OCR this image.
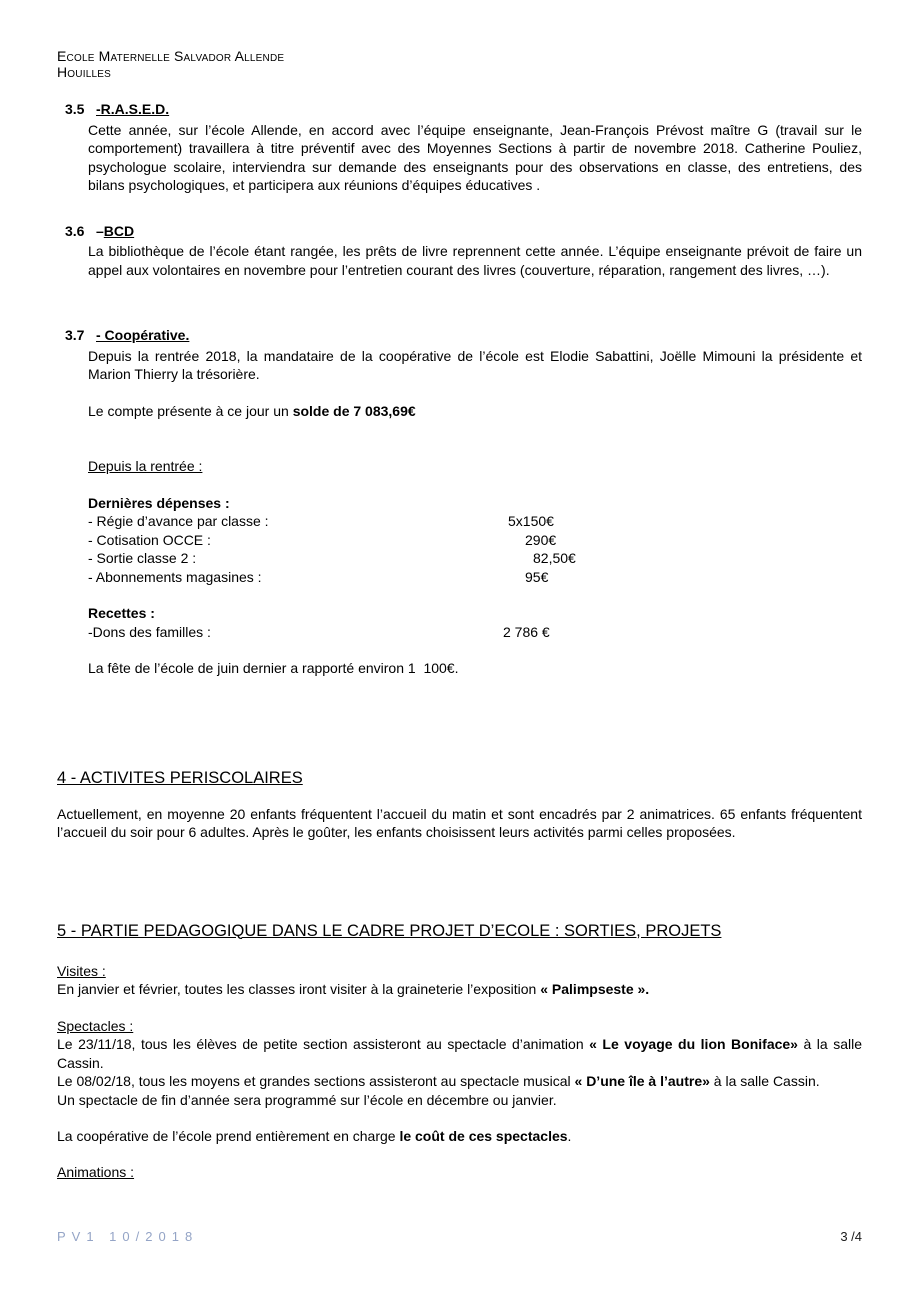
Ecole Maternelle Salvador Allende
Houilles
3.5 -R.A.S.E.D.

Cette année, sur l’école Allende, en accord avec l’équipe enseignante, Jean-François Prévost maître G (travail sur le comportement) travaillera à titre préventif avec des Moyennes Sections à partir de novembre 2018. Catherine Pouliez, psychologue scolaire, interviendra sur demande des enseignants pour des observations en classe, des entretiens, des bilans psychologiques, et participera aux réunions d’équipes éducatives .

3.6 –BCD

La bibliothèque de l’école étant rangée, les prêts de livre reprennent cette année. L’équipe enseignante prévoit de faire un appel aux volontaires en novembre pour l’entretien courant des livres (couverture, réparation, rangement des livres, …).

3.7 - Coopérative.

Depuis la rentrée 2018, la mandataire de la coopérative de l’école est Elodie Sabattini, Joëlle Mimouni la présidente et Marion Thierry la trésorière.

Le compte présente à ce jour un solde de 7 083,69€

Depuis la rentrée :

Dernières dépenses :

- Régie d’avance par classe :	5x150€
- Cotisation OCCE :	290€
- Sortie classe 2 :	82,50€
- Abonnements magasines :	95€

Recettes :

-Dons des familles :	2 786 €

La fête de l’école de juin dernier a rapporté environ 1  100€.

4 - ACTIVITES PERISCOLAIRES

Actuellement, en moyenne 20 enfants fréquentent l’accueil du matin et sont encadrés par 2 animatrices. 65 enfants fréquentent l’accueil du soir pour 6 adultes. Après le goûter, les enfants choisissent leurs activités parmi celles proposées.

5 - PARTIE PEDAGOGIQUE DANS LE CADRE PROJET D’ECOLE : SORTIES, PROJETS

Visites :

En janvier et février, toutes les classes iront visiter à la graineterie l’exposition « Palimpseste ».

Spectacles :

Le 23/11/18, tous les élèves de petite section assisteront au spectacle d’animation « Le voyage du lion Boniface» à la salle Cassin.

Le 08/02/18, tous les moyens et grandes sections assisteront au spectacle musical « D’une île à l’autre» à la salle Cassin.

Un spectacle de fin d’année sera programmé sur l’école en décembre ou janvier.

La coopérative de l’école prend entièrement en charge le coût de ces spectacles.

Animations :

PV1 10/2018	3 /4
